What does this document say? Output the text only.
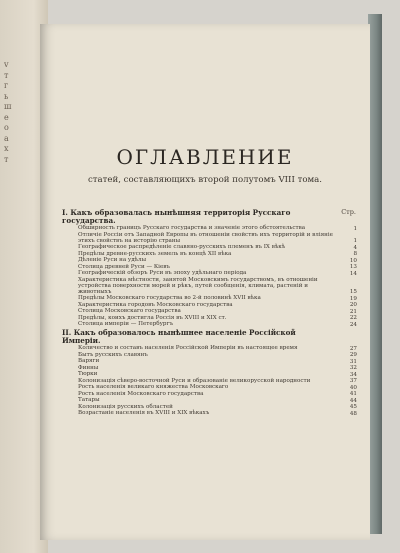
v
т
г
ь
ш
е
о
а
х
т	ОГЛАВЛЕНИЕ
статей, составляющихъ второй полутомъ VIII тома.
Стр.
I. Какъ образовалась нынѣшняя территорія Русскаго государства.
Обширность границъ Русскаго государства и значеніе этого обстоятельства	1
Отличіе Россіи отъ Западной Европы въ отношеніи свойствъ ихъ территорій и вліяніе этихъ свойствъ на исторію страны	1
Географическое распредѣленіе славяно-русскихъ племенъ въ IX вѣкѣ	4
Предѣлы древне-русскихъ земель въ концѣ XII вѣка	8
Дѣленіе Руси на удѣлы	10
Столица древней Руси — Кіевъ	13
Географическій обзоръ Руси въ эпоху удѣльнаго періода	14
Характеристика мѣстности, занятой Московскимъ государствомъ, въ отношеніи устройства поверхности морей и рѣкъ, путей сообщенія, климата, растеній и животныхъ	15
Предѣлы Московскаго государства во 2-й половинѣ XVII вѣка	19
Характеристика городовъ Московскаго государства	20
Столица Московскаго государства	21
Предѣлы, коихъ достигла Россія въ XVIII и XIX ст.	22
Столица имперіи — Петербургъ	24
II. Какъ образовалось нынѣшнее населеніе Россійской Имперіи.
Количество и составъ населенія Россійской Имперіи въ настоящее время	27
Бытъ русскихъ славянъ	29
Варяги	31
Финны	32
Тюрки	34
Колонизація сѣверо-восточной Руси и образованіе великорусской народности	37
Рость населенія великаго княжества Московскаго	40
Рость населенія Московскаго государства	41
Татары	44
Колонизація русскихъ областей	45
Возрастаніе населенія въ XVIII и XIX вѣкахъ	48
